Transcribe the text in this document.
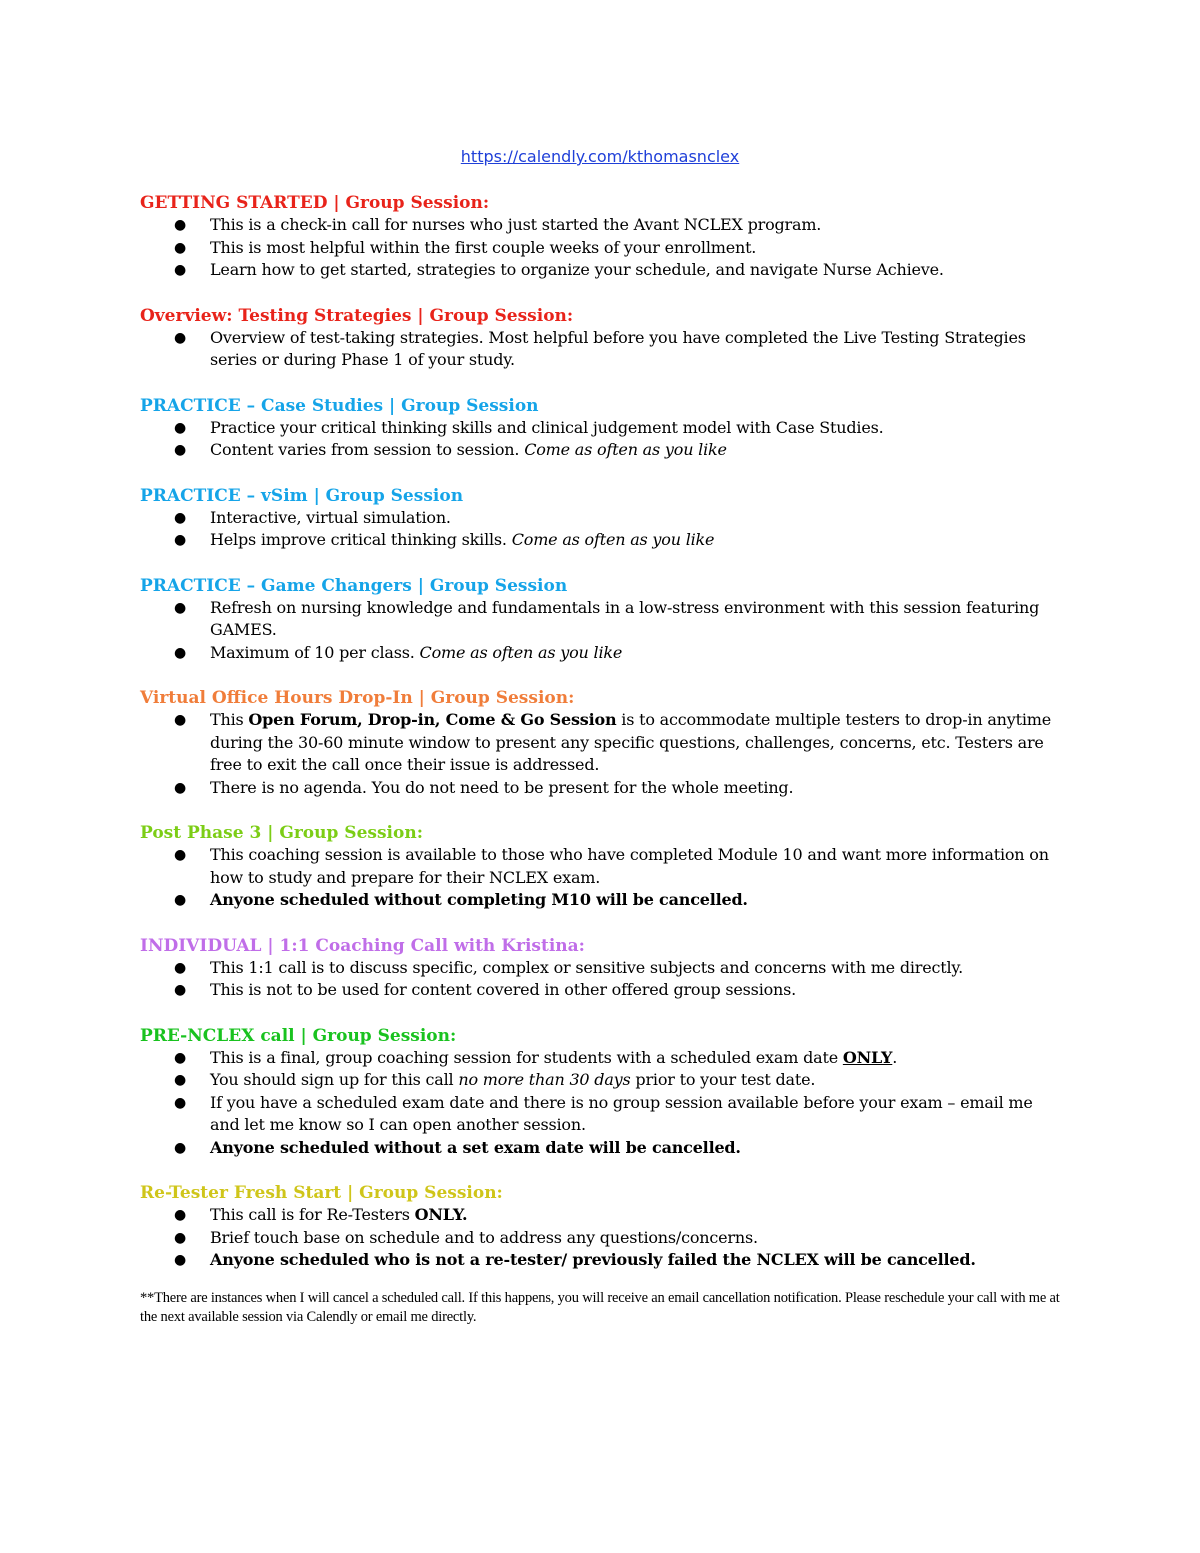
https://calendly.com/kthomasnclex
GETTING STARTED | Group Session:
● This is a check-in call for nurses who just started the Avant NCLEX program.
● This is most helpful within the first couple weeks of your enrollment.
● Learn how to get started, strategies to organize your schedule, and navigate Nurse Achieve.
Overview: Testing Strategies | Group Session:
● Overview of test-taking strategies. Most helpful before you have completed the Live Testing Strategies series or during Phase 1 of your study.
PRACTICE – Case Studies | Group Session
● Practice your critical thinking skills and clinical judgement model with Case Studies.
● Content varies from session to session. Come as often as you like
PRACTICE – vSim | Group Session
● Interactive, virtual simulation.
● Helps improve critical thinking skills. Come as often as you like
PRACTICE – Game Changers | Group Session
● Refresh on nursing knowledge and fundamentals in a low-stress environment with this session featuring GAMES.
● Maximum of 10 per class. Come as often as you like
Virtual Office Hours Drop-In | Group Session:
● This Open Forum, Drop-in, Come & Go Session is to accommodate multiple testers to drop-in anytime during the 30-60 minute window to present any specific questions, challenges, concerns, etc. Testers are free to exit the call once their issue is addressed.
● There is no agenda. You do not need to be present for the whole meeting.
Post Phase 3 | Group Session:
● This coaching session is available to those who have completed Module 10 and want more information on how to study and prepare for their NCLEX exam.
● Anyone scheduled without completing M10 will be cancelled.
INDIVIDUAL | 1:1 Coaching Call with Kristina:
● This 1:1 call is to discuss specific, complex or sensitive subjects and concerns with me directly.
● This is not to be used for content covered in other offered group sessions.
PRE-NCLEX call | Group Session:
● This is a final, group coaching session for students with a scheduled exam date ONLY.
● You should sign up for this call no more than 30 days prior to your test date.
● If you have a scheduled exam date and there is no group session available before your exam – email me and let me know so I can open another session.
● Anyone scheduled without a set exam date will be cancelled.
Re-Tester Fresh Start | Group Session:
● This call is for Re-Testers ONLY.
● Brief touch base on schedule and to address any questions/concerns.
● Anyone scheduled who is not a re-tester/ previously failed the NCLEX will be cancelled.
**There are instances when I will cancel a scheduled call. If this happens, you will receive an email cancellation notification. Please reschedule your call with me at the next available session via Calendly or email me directly.
